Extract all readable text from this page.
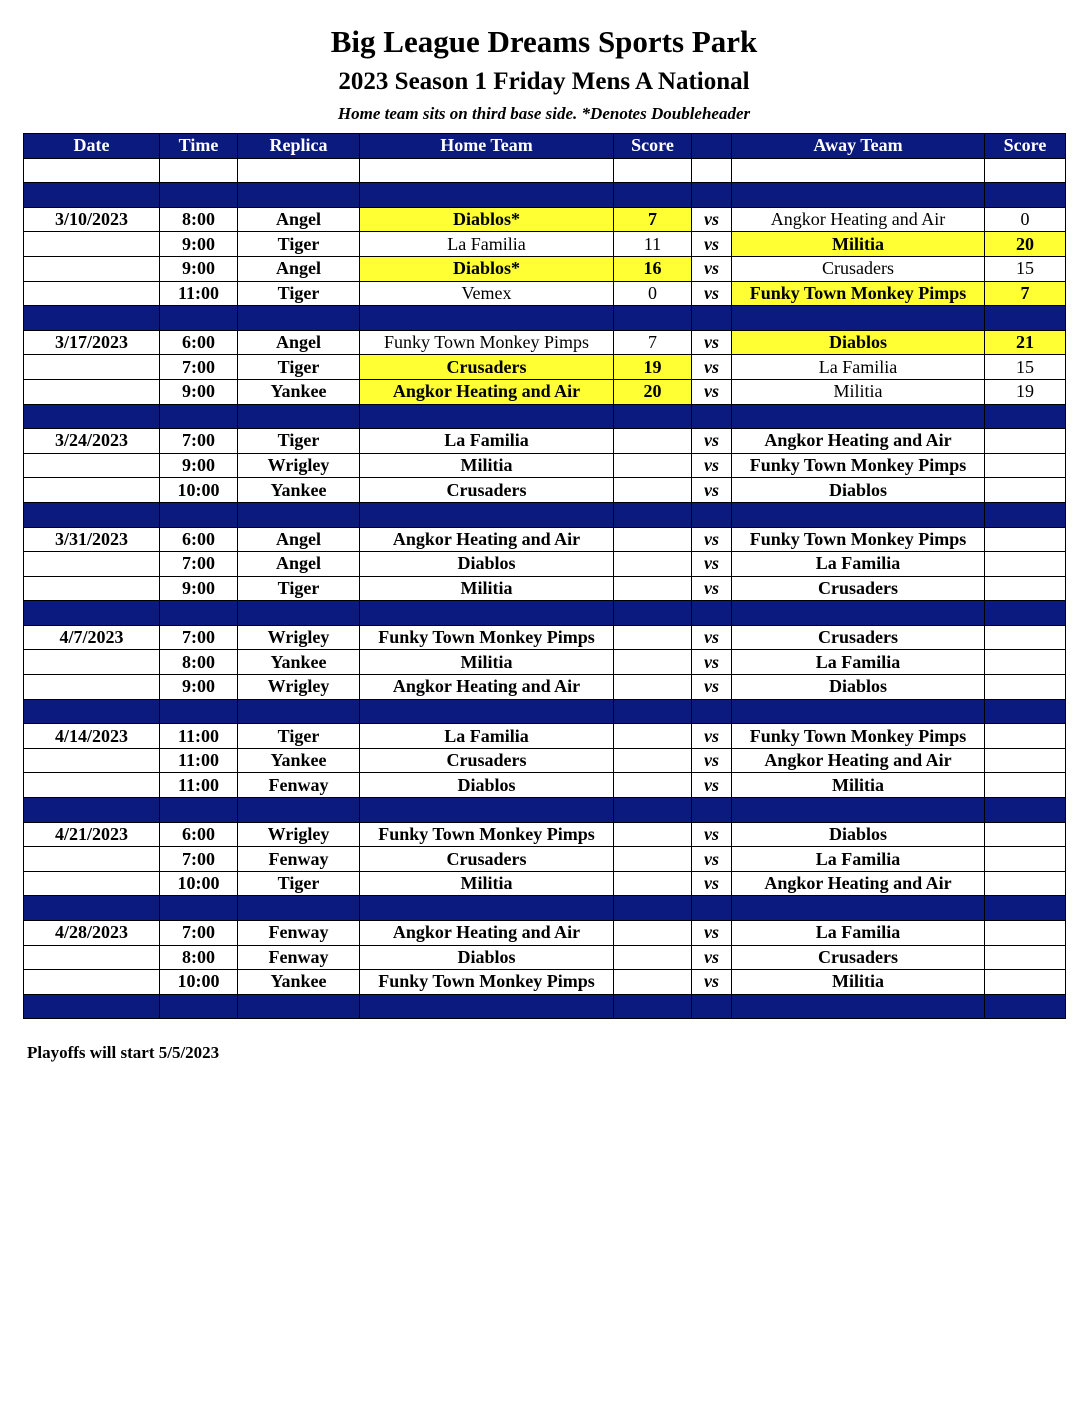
Big League Dreams Sports Park
2023 Season 1 Friday Mens A National
Home team sits on third base side. *Denotes Doubleheader
Date	Time	Replica	Home Team	Score		Away Team	Score

3/10/2023	8:00	Angel	Diablos*	7	vs	Angkor Heating and Air	0
	9:00	Tiger	La Familia	11	vs	Militia	20
	9:00	Angel	Diablos*	16	vs	Crusaders	15
	11:00	Tiger	Vemex	0	vs	Funky Town Monkey Pimps	7

3/17/2023	6:00	Angel	Funky Town Monkey Pimps	7	vs	Diablos	21
	7:00	Tiger	Crusaders	19	vs	La Familia	15
	9:00	Yankee	Angkor Heating and Air	20	vs	Militia	19

3/24/2023	7:00	Tiger	La Familia		vs	Angkor Heating and Air	
	9:00	Wrigley	Militia		vs	Funky Town Monkey Pimps	
	10:00	Yankee	Crusaders		vs	Diablos	

3/31/2023	6:00	Angel	Angkor Heating and Air		vs	Funky Town Monkey Pimps	
	7:00	Angel	Diablos		vs	La Familia	
	9:00	Tiger	Militia		vs	Crusaders	

4/7/2023	7:00	Wrigley	Funky Town Monkey Pimps		vs	Crusaders	
	8:00	Yankee	Militia		vs	La Familia	
	9:00	Wrigley	Angkor Heating and Air		vs	Diablos	

4/14/2023	11:00	Tiger	La Familia		vs	Funky Town Monkey Pimps	
	11:00	Yankee	Crusaders		vs	Angkor Heating and Air	
	11:00	Fenway	Diablos		vs	Militia	

4/21/2023	6:00	Wrigley	Funky Town Monkey Pimps		vs	Diablos	
	7:00	Fenway	Crusaders		vs	La Familia	
	10:00	Tiger	Militia		vs	Angkor Heating and Air	

4/28/2023	7:00	Fenway	Angkor Heating and Air		vs	La Familia	
	8:00	Fenway	Diablos		vs	Crusaders	
	10:00	Yankee	Funky Town Monkey Pimps		vs	Militia	

Playoffs will start 5/5/2023
